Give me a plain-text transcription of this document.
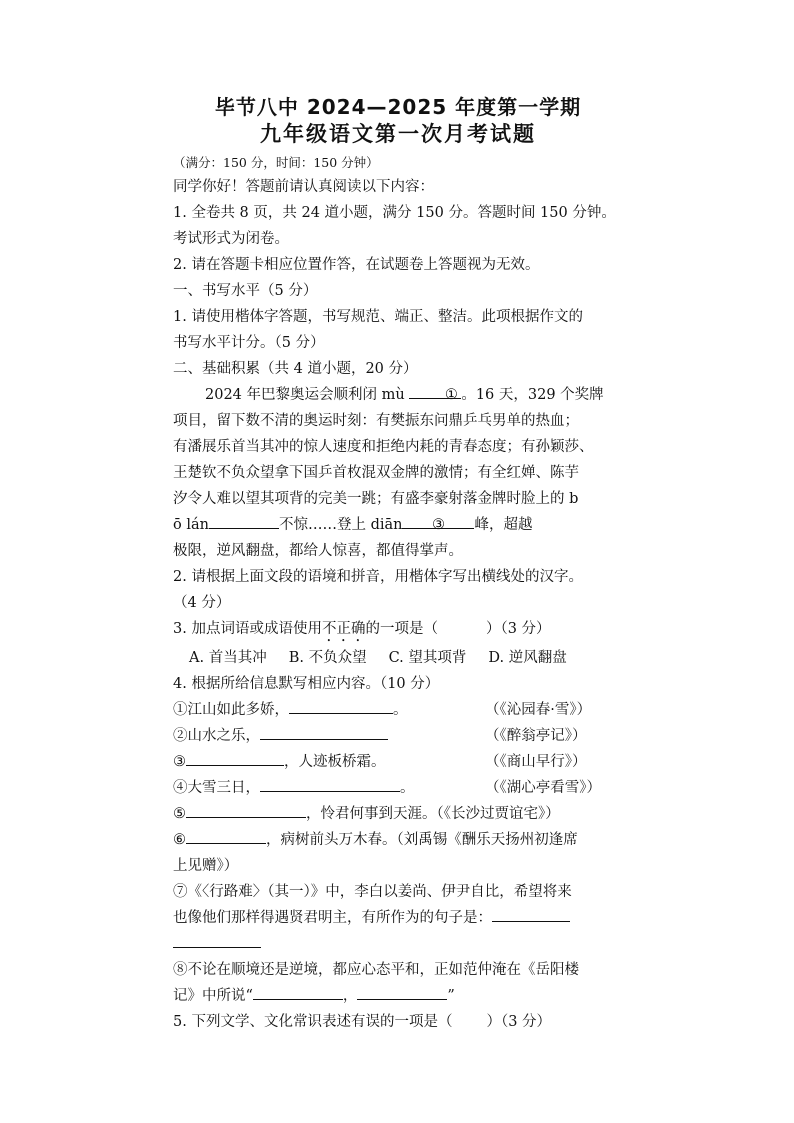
毕节八中 2024—2025 年度第一学期
九年级语文第一次月考试题
（满分：150 分，时间：150 分钟）
同学你好！答题前请认真阅读以下内容：
1. 全卷共 8 页，共 24 道小题，满分 150 分。答题时间 150 分钟。
考试形式为闭卷。
2. 请在答题卡相应位置作答，在试题卷上答题视为无效。
一、书写水平（5 分）
1. 请使用楷体字答题，书写规范、端正、整洁。此项根据作文的
书写水平计分。（5 分）
二、基础积累（共 4 道小题，20 分）
2024 年巴黎奥运会顺利闭 mù	① 。16 天，329 个奖牌
项目，留下数不清的奥运时刻：有樊振东问鼎乒乓男单的热血；
有潘展乐首当其冲的惊人速度和拒绝内耗的青春态度；有孙颖莎、
王楚钦不负众望拿下国乒首枚混双金牌的激情；有全红婵、陈芋
汐令人难以望其项背的完美一跳；有盛李豪射落金牌时脸上的 b
ō lán	不惊……登上 diān ③ 峰，超越
极限，逆风翻盘，都给人惊喜，都值得掌声。
2. 请根据上面文段的语境和拼音，用楷体字写出横线处的汉字。
（4 分）
3. 加点词语或成语使用不正确的一项是（	）（3 分）
A. 首当其冲 B. 不负众望 C. 望其项背 D. 逆风翻盘
4. 根据所给信息默写相应内容。（10 分）
①江山如此多娇，	。	（《沁园春·雪》）
②山水之乐，	（《醉翁亭记》）
③	，人迹板桥霜。	（《商山早行》）
④大雪三日，	。	（《湖心亭看雪》）
⑤	，怜君何事到天涯。（《长沙过贾谊宅》）
⑥	，病树前头万木春。（刘禹锡《酬乐天扬州初逢席
上见赠》）
⑦《〈行路难〉（其一）》中，李白以姜尚、伊尹自比，希望将来
也像他们那样得遇贤君明主，有所作为的句子是：
⑧不论在顺境还是逆境，都应心态平和，正如范仲淹在《岳阳楼
记》中所说“	，	”
5. 下列文学、文化常识表述有误的一项是（ ）（3 分）
